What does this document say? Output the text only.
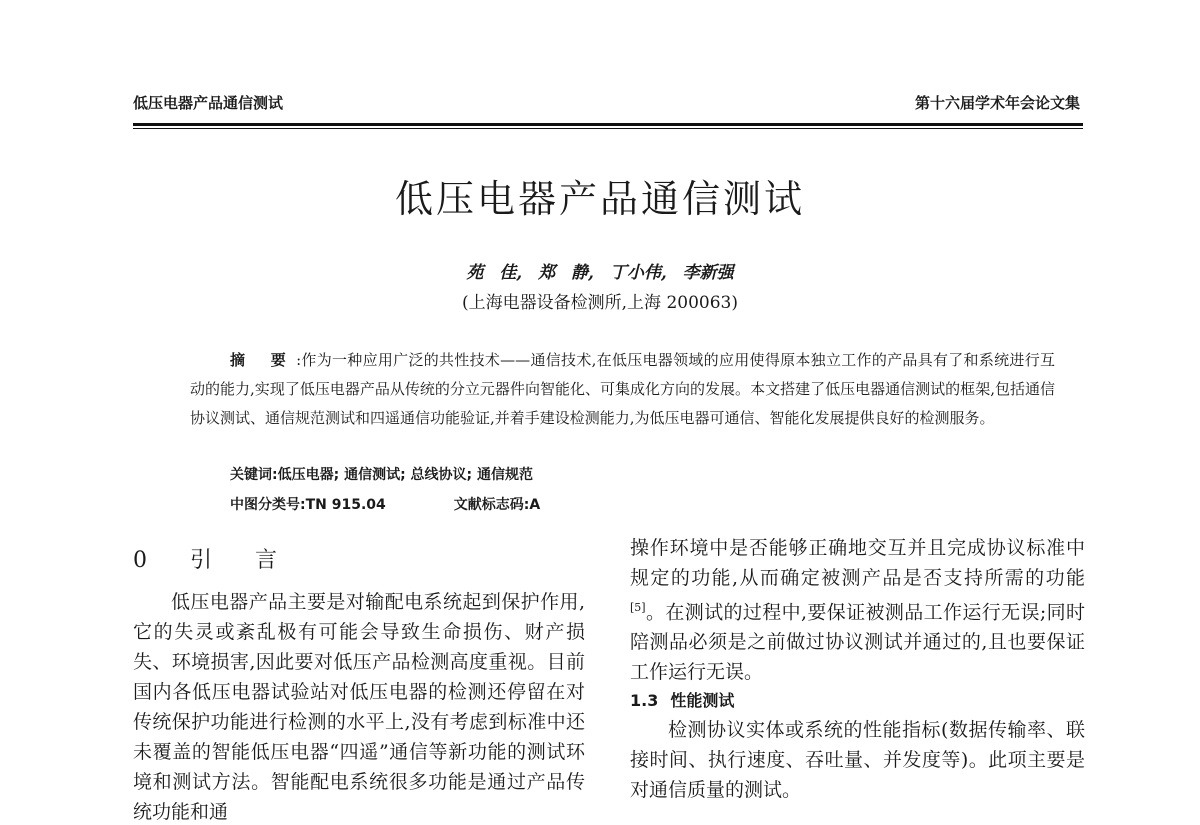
低压电器产品通信测试	第十六届学术年会论文集
低压电器产品通信测试
苑 佳, 郑 静, 丁小伟, 李新强
(上海电器设备检测所,上海 200063)
摘 要:作为一种应用广泛的共性技术——通信技术,在低压电器领域的应用使得原本独立工作的产品具有了和系统进行互动的能力,实现了低压电器产品从传统的分立元器件向智能化、可集成化方向的发展。本文搭建了低压电器通信测试的框架,包括通信协议测试、通信规范测试和四遥通信功能验证,并着手建设检测能力,为低压电器可通信、智能化发展提供良好的检测服务。
关键词:低压电器; 通信测试; 总线协议; 通信规范
中图分类号:TN 915.04	文献标志码:A
0 引 言

低压电器产品主要是对输配电系统起到保护作用,它的失灵或紊乱极有可能会导致生命损伤、财产损失、环境损害,因此要对低压产品检测高度重视。目前国内各低压电器试验站对低压电器的检测还停留在对传统保护功能进行检测的水平上,没有考虑到标准中还未覆盖的智能低压电器“四遥”通信等新功能的测试环境和测试方法。智能配电系统很多功能是通过产品传统功能和通

操作环境中是否能够正确地交互并且完成协议标准中规定的功能,从而确定被测产品是否支持所需的功能[5]。在测试的过程中,要保证被测品工作运行无误;同时陪测品必须是之前做过协议测试并通过的,且也要保证工作运行无误。

1.3 性能测试

检测协议实体或系统的性能指标(数据传输率、联接时间、执行速度、吞吐量、并发度等)。此项主要是对通信质量的测试。
